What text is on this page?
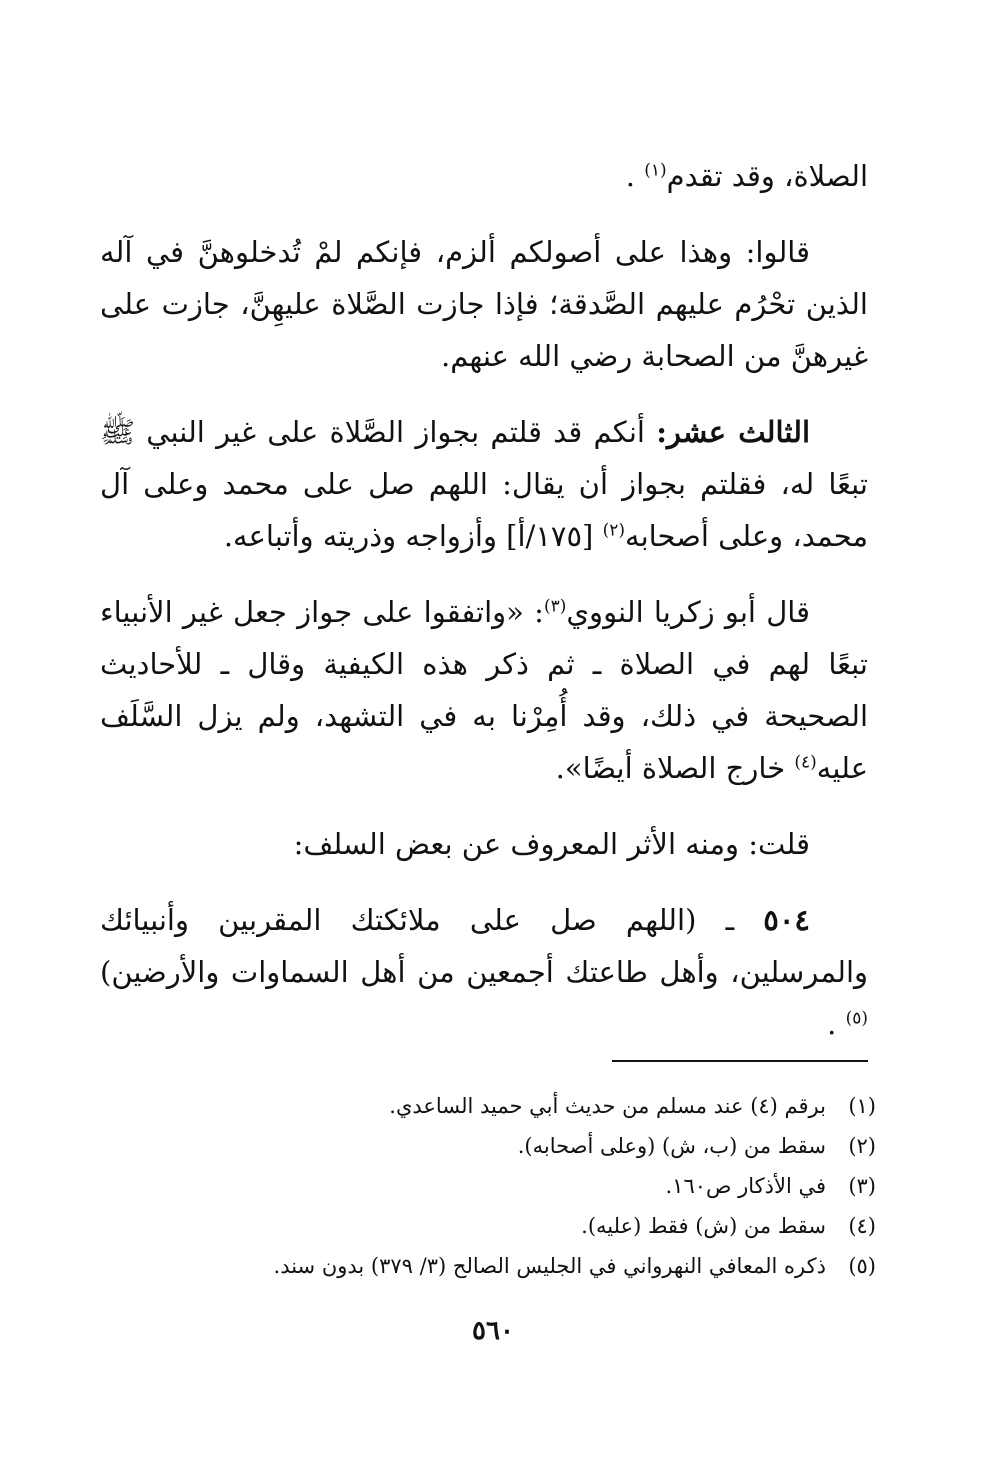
الصلاة، وقد تقدم$^{(١)}$ .

قالوا: وهذا على أصولكم ألزم، فإنكم لمْ تُدخلوهنَّ في آله الذين تحْرُم عليهم الصَّدقة؛ فإذا جازت الصَّلاة عليهِنَّ، جازت على غيرهنَّ من الصحابة رضي الله عنهم.

الثالث عشر: أنكم قد قلتم بجواز الصَّلاة على غير النبي ﷺ تبعًا له، فقلتم بجواز أن يقال: اللهم صل على محمد وعلى آل محمد، وعلى أصحابه$^{(٢)}$ [١٧٥/أ] وأزواجه وذريته وأتباعه.

قال أبو زكريا النووي$^{(٣)}$: «واتفقوا على جواز جعل غير الأنبياء تبعًا لهم في الصلاة ـ ثم ذكر هذه الكيفية وقال ـ للأحاديث الصحيحة في ذلك، وقد أُمِرْنا به في التشهد، ولم يزل السَّلَف عليه$^{(٤)}$ خارج الصلاة أيضًا».

قلت: ومنه الأثر المعروف عن بعض السلف:

٥٠٤ ـ (اللهم صل على ملائكتك المقربين وأنبيائك والمرسلين، وأهل طاعتك أجمعين من أهل السماوات والأرضين)$^{(٥)}$ .

(١)برقم (٤) عند مسلم من حديث أبي حميد الساعدي.
(٢)سقط من (ب، ش) (وعلى أصحابه).
(٣)في الأذكار ص١٦٠.
(٤)سقط من (ش) فقط (عليه).
(٥)ذكره المعافي النهرواني في الجليس الصالح (٣/ ٣٧٩) بدون سند.
٥٦٠
